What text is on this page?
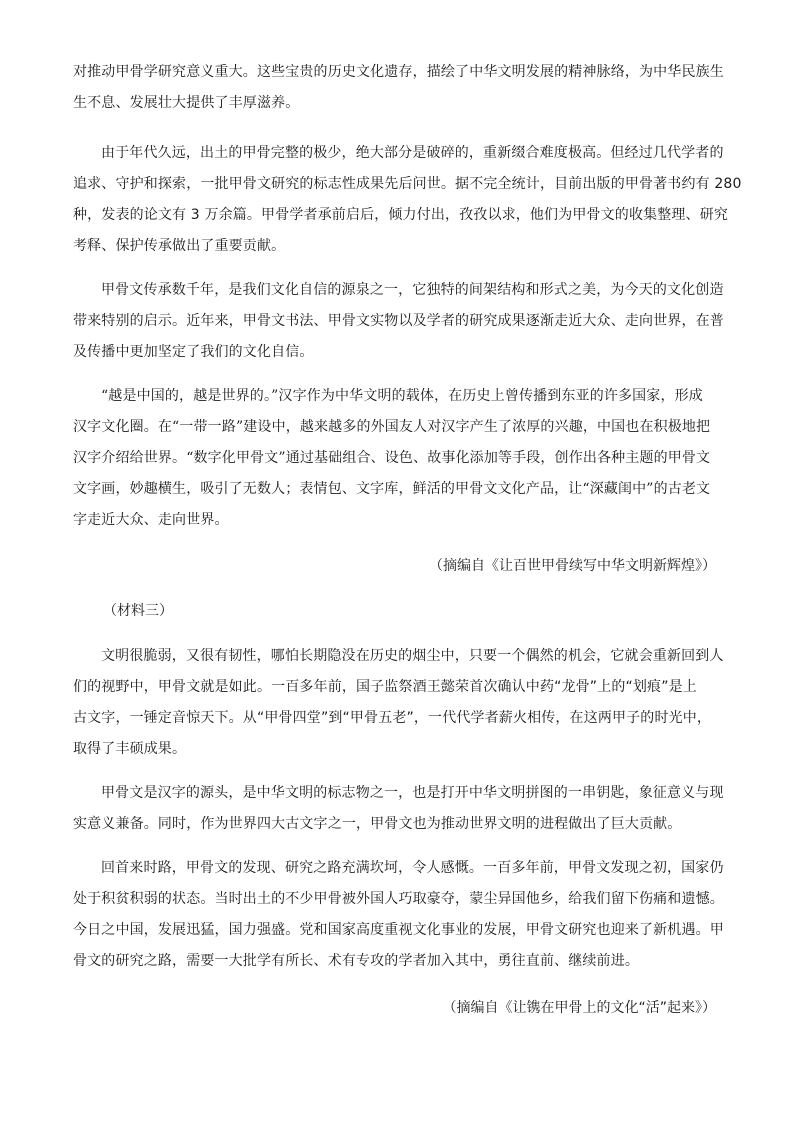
对推动甲骨学研究意义重大。这些宝贵的历史文化遗存，描绘了中华文明发展的精神脉络，为中华民族生
生不息、发展壮大提供了丰厚滋养。
由于年代久远，出土的甲骨完整的极少，绝大部分是破碎的，重新缀合难度极高。但经过几代学者的
追求、守护和探索，一批甲骨文研究的标志性成果先后问世。据不完全统计，目前出版的甲骨著书约有 280
种，发表的论文有 3 万余篇。甲骨学者承前启后，倾力付出，孜孜以求，他们为甲骨文的收集整理、研究
考释、保护传承做出了重要贡献。
甲骨文传承数千年，是我们文化自信的源泉之一，它独特的间架结构和形式之美，为今天的文化创造
带来特别的启示。近年来，甲骨文书法、甲骨文实物以及学者的研究成果逐渐走近大众、走向世界，在普
及传播中更加坚定了我们的文化自信。
“越是中国的，越是世界的。”汉字作为中华文明的载体，在历史上曾传播到东亚的许多国家，形成
汉字文化圈。在“一带一路”建设中，越来越多的外国友人对汉字产生了浓厚的兴趣，中国也在积极地把
汉字介绍给世界。“数字化甲骨文”通过基础组合、设色、故事化添加等手段，创作出各种主题的甲骨文
文字画，妙趣横生，吸引了无数人；表情包、文字库，鲜活的甲骨文文化产品，让“深藏闺中”的古老文
字走近大众、走向世界。
（摘编自《让百世甲骨续写中华文明新辉煌》）
（材料三）
文明很脆弱，又很有韧性，哪怕长期隐没在历史的烟尘中，只要一个偶然的机会，它就会重新回到人
们的视野中，甲骨文就是如此。一百多年前，国子监祭酒王懿荣首次确认中药“龙骨”上的“划痕”是上
古文字，一锤定音惊天下。从“甲骨四堂”到“甲骨五老”，一代代学者薪火相传，在这两甲子的时光中，
取得了丰硕成果。
甲骨文是汉字的源头，是中华文明的标志物之一，也是打开中华文明拼图的一串钥匙，象征意义与现
实意义兼备。同时，作为世界四大古文字之一，甲骨文也为推动世界文明的进程做出了巨大贡献。
回首来时路，甲骨文的发现、研究之路充满坎坷，令人感慨。一百多年前，甲骨文发现之初，国家仍
处于积贫积弱的状态。当时出土的不少甲骨被外国人巧取豪夺，蒙尘异国他乡，给我们留下伤痛和遗憾。
今日之中国，发展迅猛，国力强盛。党和国家高度重视文化事业的发展，甲骨文研究也迎来了新机遇。甲
骨文的研究之路，需要一大批学有所长、术有专攻的学者加入其中，勇往直前、继续前进。
（摘编自《让镌在甲骨上的文化“活”起来》）
